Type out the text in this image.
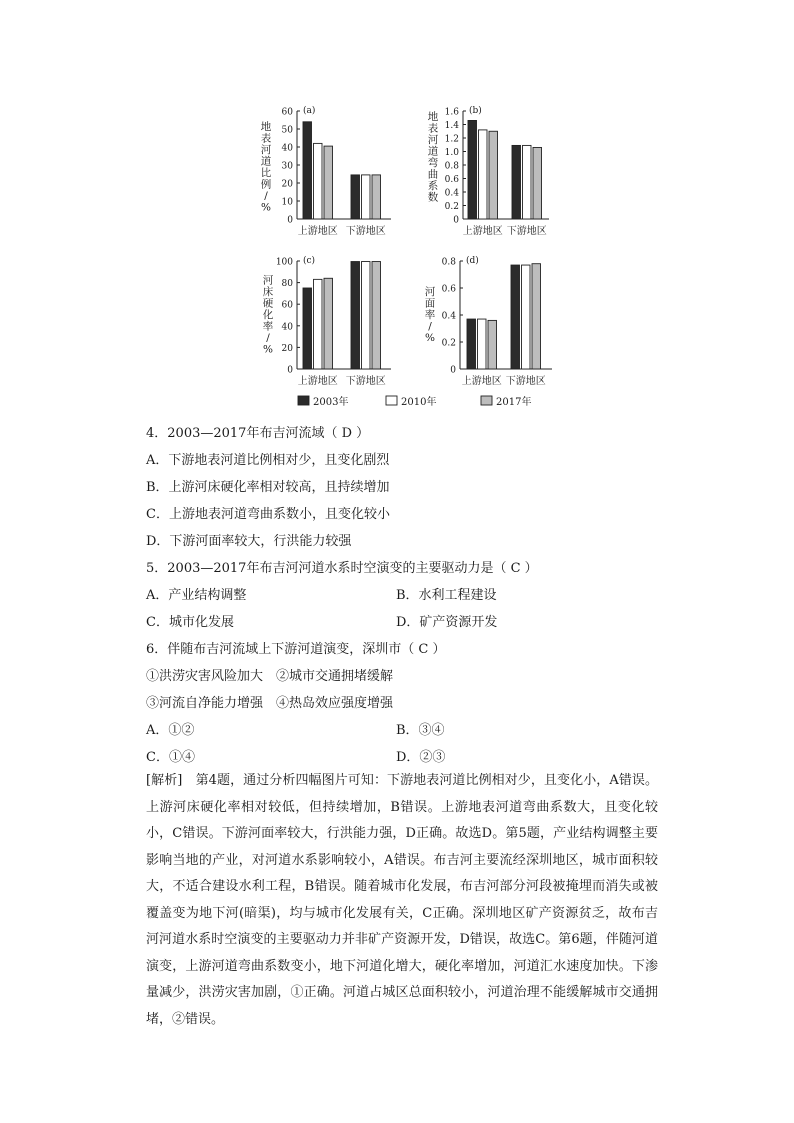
0
10
20
30
40
50
60 (a)
地
表
河
道
比
例
/
%
上游地区 下游地区
0
0.2
0.4
0.6
0.8
1.0
1.2
1.4
1.6 (b)
地
表
河
道
弯
曲
系
数
上游地区 下游地区
0
20
40
60
80
100 (c)
河
床
硬
化
率
/
%
上游地区 下游地区
0
0.2
0.4
0.6
0.8 (d)
河
面
率
/
%
上游地区 下游地区
2003年	2010年	2017年
4．2003—2017年布吉河流域（ D ）
A．下游地表河道比例相对少，且变化剧烈
B．上游河床硬化率相对较高，且持续增加
C．上游地表河道弯曲系数小，且变化较小
D．下游河面率较大，行洪能力较强
5．2003—2017年布吉河河道水系时空演变的主要驱动力是（ C ）
A．产业结构调整	B．水利工程建设
C．城市化发展	D．矿产资源开发
6．伴随布吉河流域上下游河道演变，深圳市（ C ）
①洪涝灾害风险加大　②城市交通拥堵缓解
③河流自净能力增强　④热岛效应强度增强
A．①②	B．③④
C．①④	D．②③
[解析]　 第4题，通过分析四幅图片可知：下游地表河道比例相对少，且变化小，A错误。上游河床硬化率相对较低，但持续增加，B错误。上游地表河道弯曲系数大，且变化较小，C错误。下游河面率较大，行洪能力强，D正确。故选D。第5题，产业结构调整主要影响当地的产业，对河道水系影响较小，A错误。布吉河主要流经深圳地区，城市面积较大，不适合建设水利工程，B错误。随着城市化发展，布吉河部分河段被掩埋而消失或被覆盖变为地下河(暗渠)，均与城市化发展有关，C正确。深圳地区矿产资源贫乏，故布吉河河道水系时空演变的主要驱动力并非矿产资源开发，D错误，故选C。第6题，伴随河道演变，上游河道弯曲系数变小，地下河道化增大，硬化率增加，河道汇水速度加快。下渗量减少，洪涝灾害加剧，①正确。河道占城区总面积较小，河道治理不能缓解城市交通拥堵，②错误。
